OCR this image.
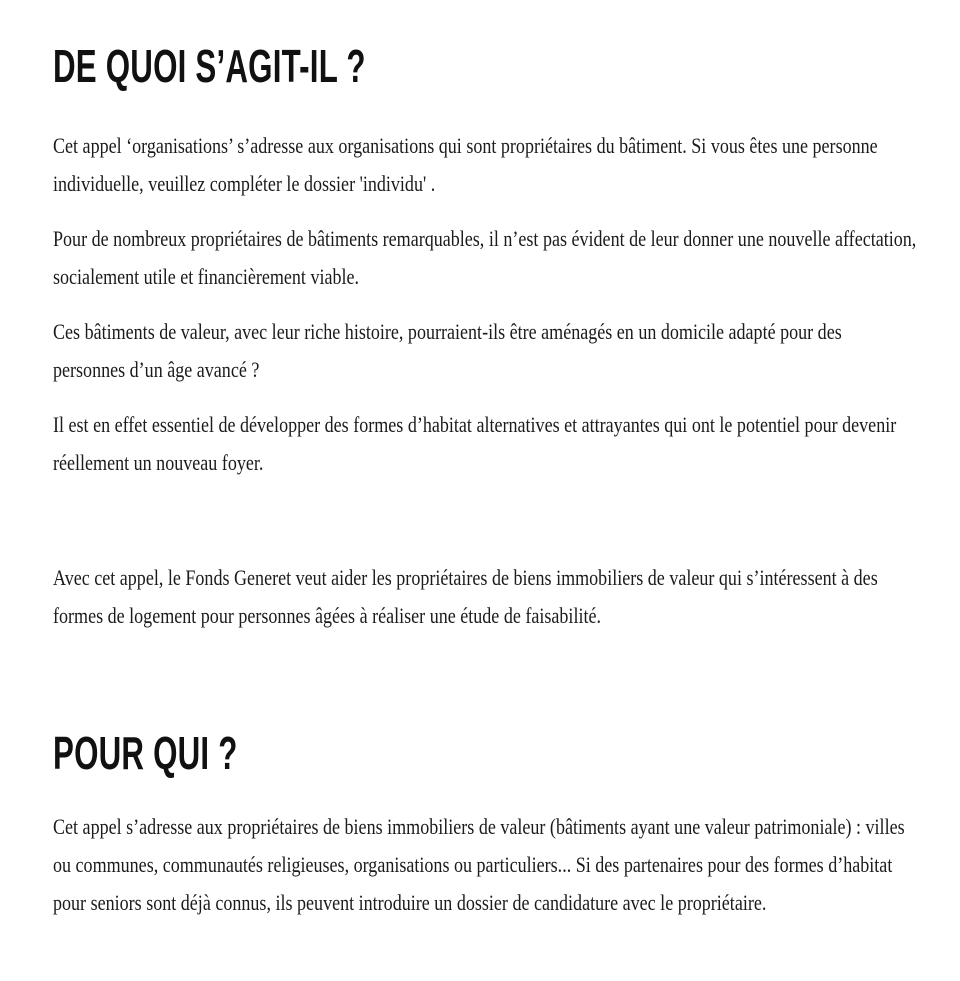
DE QUOI S’AGIT-IL ?

Cet appel ‘organisations’ s’adresse aux organisations qui sont propriétaires du bâtiment. Si vous êtes une personne individuelle, veuillez compléter le dossier 'individu' .

Pour de nombreux propriétaires de bâtiments remarquables, il n’est pas évident de leur donner une nouvelle affectation, socialement utile et financièrement viable.

Ces bâtiments de valeur, avec leur riche histoire, pourraient-ils être aménagés en un domicile adapté pour des personnes d’un âge avancé ?

Il est en effet essentiel de développer des formes d’habitat alternatives et attrayantes qui ont le potentiel pour devenir réellement un nouveau foyer.

Avec cet appel, le Fonds Generet veut aider les propriétaires de biens immobiliers de valeur qui s’intéressent à des formes de logement pour personnes âgées à réaliser une étude de faisabilité.

POUR QUI ?

Cet appel s’adresse aux propriétaires de biens immobiliers de valeur (bâtiments ayant une valeur patrimoniale) : villes ou communes, communautés religieuses, organisations ou particuliers... Si des partenaires pour des formes d’habitat pour seniors sont déjà connus, ils peuvent introduire un dossier de candidature avec le propriétaire.
